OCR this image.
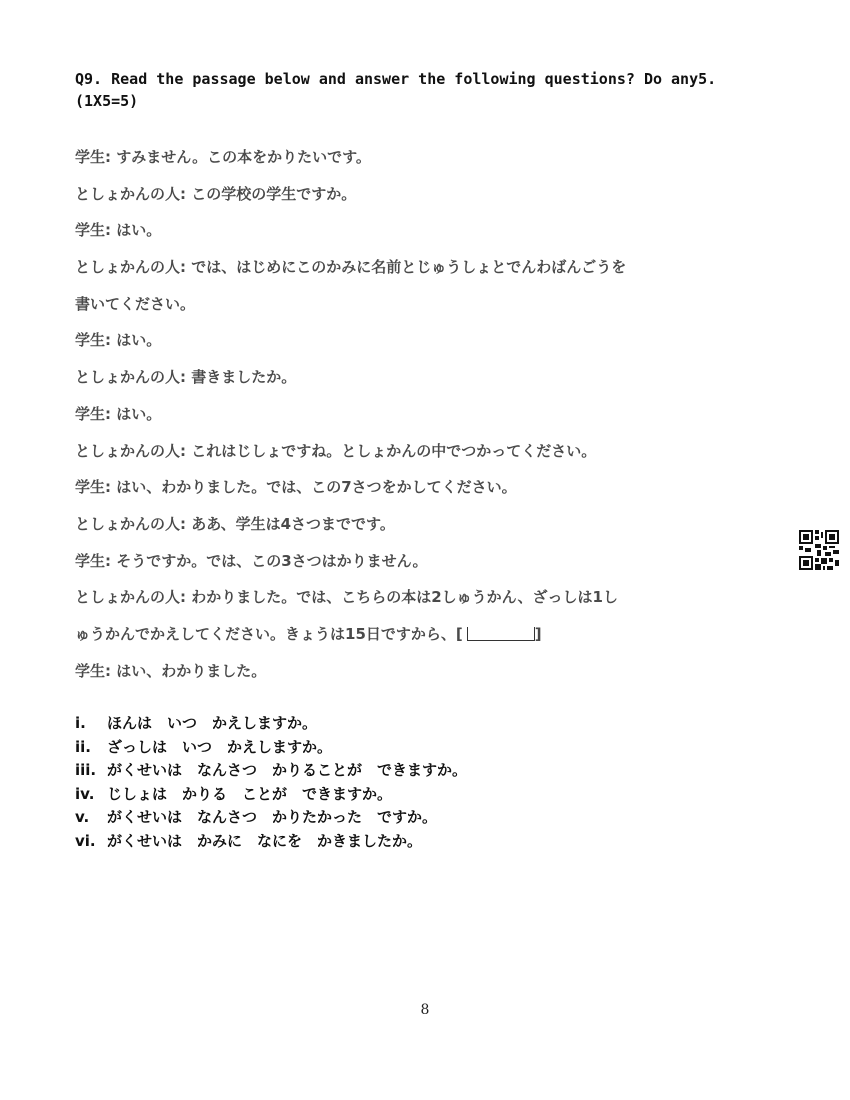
Q9. Read the passage below and answer the following questions? Do any5.
(1X5=5)
学生: すみません。この本をかりたいです。
としょかんの人: この学校の学生ですか。
学生: はい。
としょかんの人: では、はじめにこのかみに名前とじゅうしょとでんわばんごうを
書いてください。
学生: はい。
としょかんの人: 書きましたか。
学生: はい。
としょかんの人: これはじしょですね。としょかんの中でつかってください。
学生: はい、わかりました。では、この7さつをかしてください。
としょかんの人: ああ、学生は4さつまでです。
学生: そうですか。では、この3さつはかりません。
としょかんの人: わかりました。では、こちらの本は2しゅうかん、ざっしは1し
ゅうかんでかえしてください。きょうは15日ですから、[	]
学生: はい、わかりました。
i. ほんは　いつ　かえしますか。
ii. ざっしは　いつ　かえしますか。
iii. がくせいは　なんさつ　かりることが　できますか。
iv. じしょは　かりる　ことが　できますか。
v. がくせいは　なんさつ　かりたかった　ですか。
vi. がくせいは　かみに　なにを　かきましたか。
8
